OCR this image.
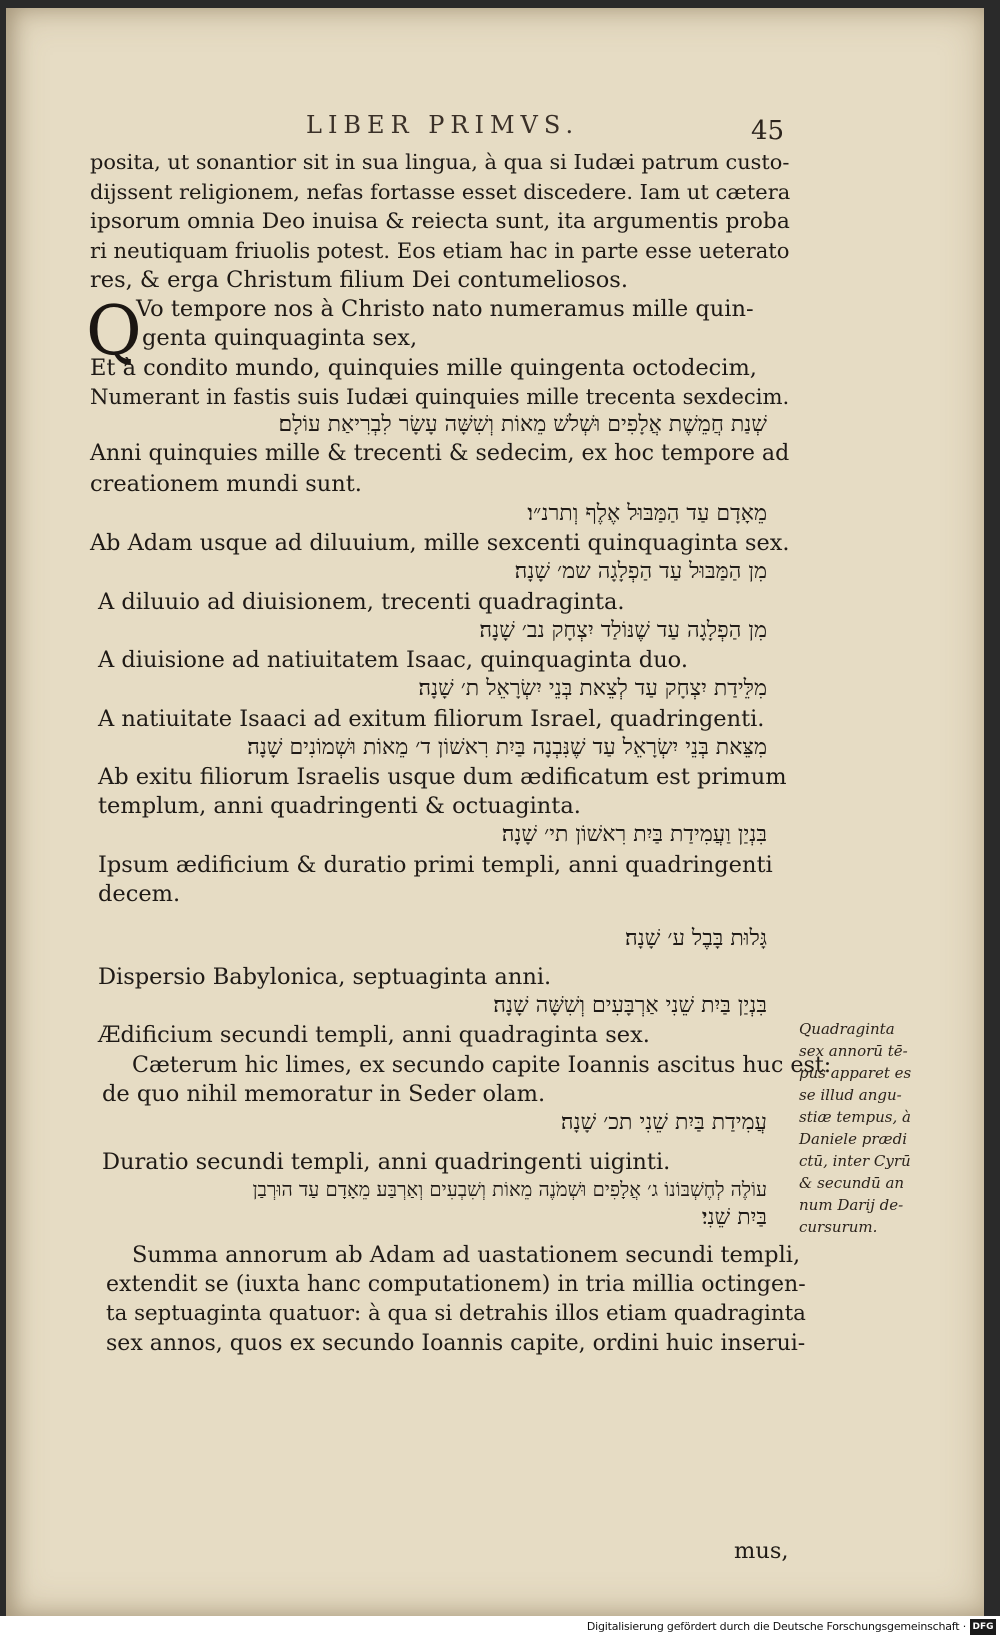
LIBER PRIMVS.	45
Q
posita, ut sonantior sit in sua lingua, à qua si Iudæi patrum custo-
dijssent religionem, nefas fortasse esset discedere. Iam ut cætera
ipsorum omnia Deo inuisa & reiecta sunt, ita argumentis proba
ri neutiquam friuolis potest. Eos etiam hac in parte esse ueterato
res, & erga Christum filium Dei contumeliosos.
Vo tempore nos à Christo nato numeramus mille quin-
genta quinquaginta sex,
Et à condito mundo, quinquies mille quingenta octodecim,
Numerant in fastis suis Iudæi quinquies mille trecenta sexdecim.
שְׁנַת חֲמֵשֶׁת אֲלָפִים וּשְׁלשׁ מֵאוֹת וְשִׁשָּׁה עָשָׂר לִבְרִיאַת עוֹלָם׃
Anni quinquies mille & trecenti & sedecim, ex hoc tempore ad
creationem mundi sunt.
מֵאָדָם עַד הַמַּבּוּל אֶלֶף וְתרנ״ו׃
Ab Adam usque ad diluuium, mille sexcenti quinquaginta sex.
מִן הַמַּבּוּל עַד הַפְלָגָה שמ׳ שָׁנָה׃
A diluuio ad diuisionem, trecenti quadraginta.
מִן הַפְלָגָה עַד שֶׁנּוֹלַד יִצְחָק נב׳ שָׁנָה׃
A diuisione ad natiuitatem Isaac, quinquaginta duo.
מִלֵּידַת יִצְחָק עַד לְצֵאת בְּנֵי יִשְׂרָאֵל ת׳ שָׁנָה׃
A natiuitate Isaaci ad exitum filiorum Israel, quadringenti.
מִצֵּאת בְּנֵי יִשְׂרָאֵל עַד שֶׁנִּבְנָה בַּיִת רִאשׁוֹן ד׳ מֵאוֹת וּשְׁמוֹנִים שָׁנָה׃
Ab exitu filiorum Israelis usque dum ædificatum est primum
templum, anni quadringenti & octuaginta.
בִּנְיַן וַעֲמִידַת בַּיִת רִאשׁוֹן תי׳ שָׁנָה׃
Ipsum ædificium & duratio primi templi, anni quadringenti
decem.
גָּלוּת בָּבֶל ע׳ שָׁנָה׃
Dispersio Babylonica, septuaginta anni.
בִּנְיַן בַּיִת שֵׁנִי אַרְבָּעִים וְשִׁשָּׁה שָׁנָה׃
Ædificium secundi templi, anni quadraginta sex.
Cæterum hic limes, ex secundo capite Ioannis ascitus huc est:
de quo nihil memoratur in Seder olam.
עֲמִידַת בַּיִת שֵׁנִי תכ׳ שָׁנָה׃
Duratio secundi templi, anni quadringenti uiginti.
עוֹלֶה לְחֶשְׁבּוֹנוֹ ג׳ אֲלָפִים וּשְׁמֹנֶה מֵאוֹת וְשִׁבְעִים וְאַרְבַּע מֵאָדָם עַד הוּרְבַן
בַּיִת שֵׁנִי׃
Summa annorum ab Adam ad uastationem secundi templi,
extendit se (iuxta hanc computationem) in tria millia octingen-
ta septuaginta quatuor: à qua si detrahis illos etiam quadraginta
sex annos, quos ex secundo Ioannis capite, ordini huic inserui-
mus,
Quadraginta
sex annorū tē-
pus apparet es
se illud angu-
stiæ tempus, à
Daniele prædi
ctū, inter Cyrū
& secundū an
num Darij de-
cursurum.
Digitalisierung gefördert durch die Deutsche Forschungsgemeinschaft · DFG
